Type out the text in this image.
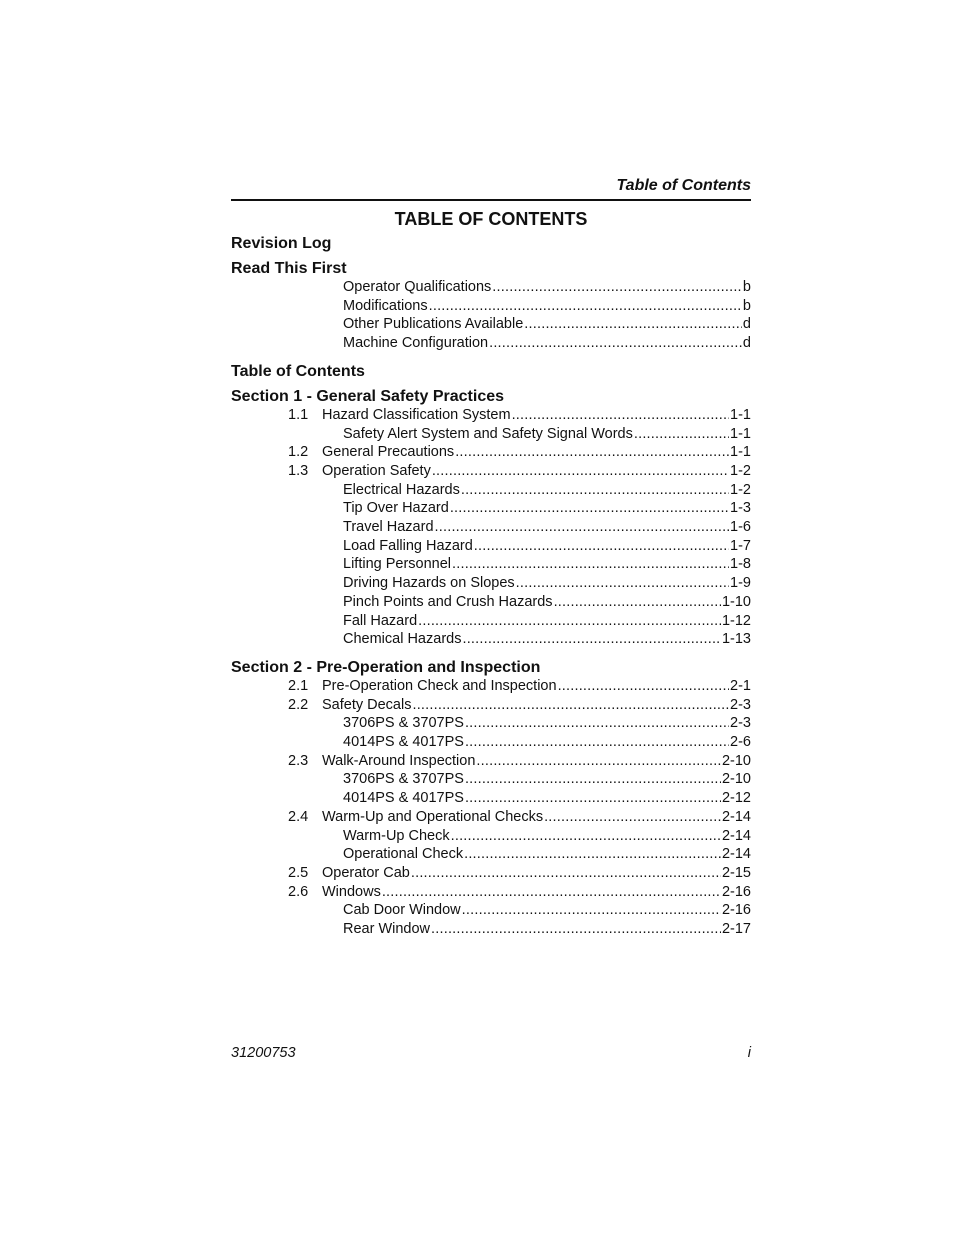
Table of Contents
TABLE OF CONTENTS
Revision Log
Read This First
Operator Qualifications .....	b
Modifications .....	b
Other Publications Available .....	d
Machine Configuration .....	d
Table of Contents
Section 1 - General Safety Practices
1.1 Hazard Classification System .....	1-1
Safety Alert System and Safety Signal Words .....	1-1
1.2 General Precautions .....	1-1
1.3 Operation Safety .....	1-2
Electrical Hazards .....	1-2
Tip Over Hazard .....	1-3
Travel Hazard .....	1-6
Load Falling Hazard .....	1-7
Lifting Personnel .....	1-8
Driving Hazards on Slopes .....	1-9
Pinch Points and Crush Hazards .....	1-10
Fall Hazard .....	1-12
Chemical Hazards .....	1-13
Section 2 - Pre-Operation and Inspection
2.1 Pre-Operation Check and Inspection .....	2-1
2.2 Safety Decals .....	2-3
3706PS & 3707PS .....	2-3
4014PS & 4017PS .....	2-6
2.3 Walk-Around Inspection .....	2-10
3706PS & 3707PS .....	2-10
4014PS & 4017PS .....	2-12
2.4 Warm-Up and Operational Checks .....	2-14
Warm-Up Check .....	2-14
Operational Check .....	2-14
2.5 Operator Cab .....	2-15
2.6 Windows .....	2-16
Cab Door Window .....	2-16
Rear Window .....	2-17
31200753	i
